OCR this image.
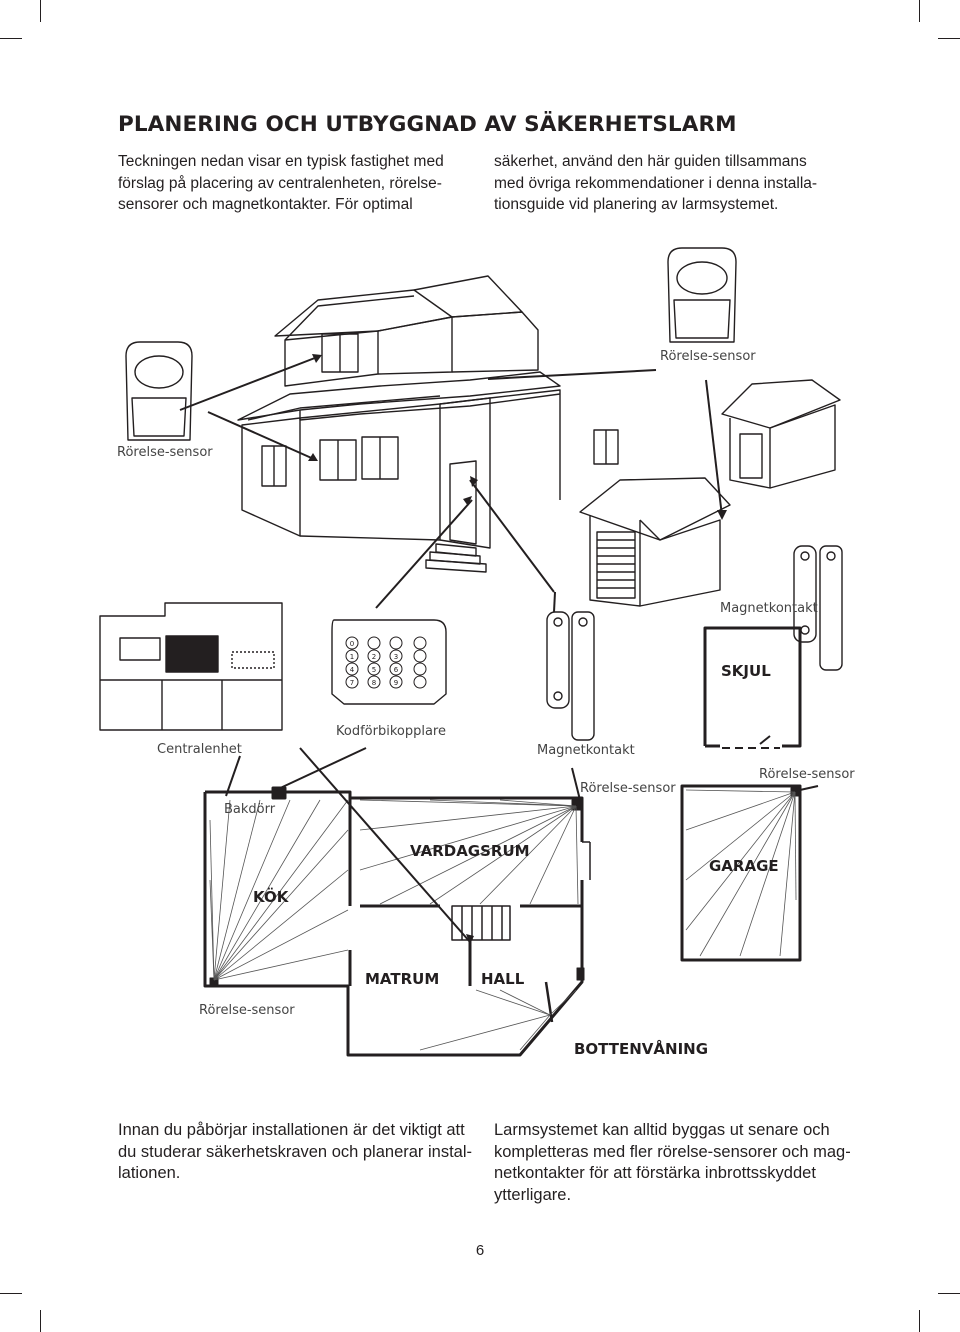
PLANERING OCH UTBYGGNAD AV SÄKERHETSLARM
Teckningen nedan visar en typisk fastighet med
förslag på placering av centralenheten, rörelse-
sensorer och magnetkontakter. För optimal
säkerhet, använd den här guiden tillsammans
med övriga rekommendationer i denna installa-
tionsguide vid planering av larmsystemet.
0
1	2	3
4	5	6
7	8	9
Rörelse-sensor
Rörelse-sensor
Magnetkontakt
Centralenhet
Kodförbikopplare
Magnetkontakt
Rörelse-sensor
Rörelse-sensor
Bakdörr
Rörelse-sensor
SKJUL
VARDAGSRUM
GARAGE
KÖK
MATRUM	HALL
BOTTENVÅNING
Innan du påbörjar installationen är det viktigt att
du studerar säkerhetskraven och planerar instal-
lationen.
Larmsystemet kan alltid byggas ut senare och
kompletteras med fler rörelse-sensorer och mag-
netkontakter för att förstärka inbrottsskyddet
ytterligare.
6
